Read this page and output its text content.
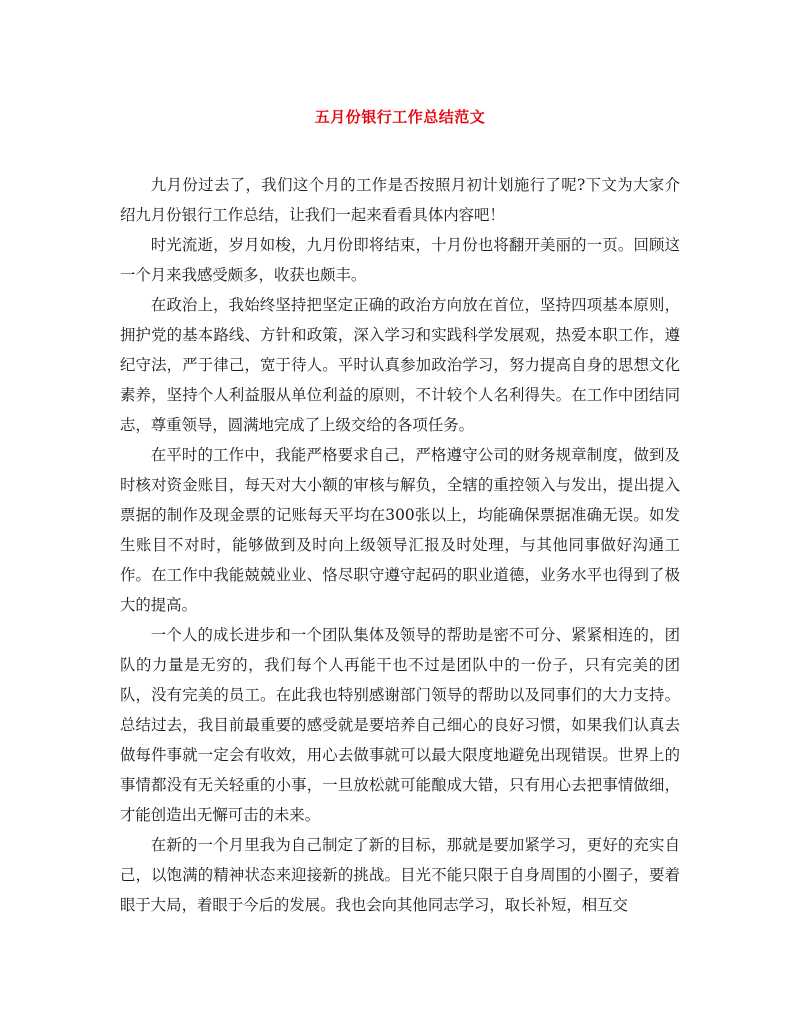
五月份银行工作总结范文

九月份过去了，我们这个月的工作是否按照月初计划施行了呢?下文为大家介绍九月份银行工作总结，让我们一起来看看具体内容吧！

时光流逝，岁月如梭，九月份即将结束，十月份也将翻开美丽的一页。回顾这一个月来我感受颇多，收获也颇丰。

在政治上，我始终坚持把坚定正确的政治方向放在首位，坚持四项基本原则，拥护党的基本路线、方针和政策，深入学习和实践科学发展观，热爱本职工作，遵纪守法，严于律己，宽于待人。平时认真参加政治学习，努力提高自身的思想文化素养，坚持个人利益服从单位利益的原则，不计较个人名利得失。在工作中团结同志，尊重领导，圆满地完成了上级交给的各项任务。

在平时的工作中，我能严格要求自己，严格遵守公司的财务规章制度，做到及时核对资金账目，每天对大小额的审核与解负，全辖的重控领入与发出，提出提入票据的制作及现金票的记账每天平均在300张以上，均能确保票据准确无误。如发生账目不对时，能够做到及时向上级领导汇报及时处理，与其他同事做好沟通工作。在工作中我能兢兢业业、恪尽职守遵守起码的职业道德，业务水平也得到了极大的提高。

一个人的成长进步和一个团队集体及领导的帮助是密不可分、紧紧相连的，团队的力量是无穷的，我们每个人再能干也不过是团队中的一份子，只有完美的团队，没有完美的员工。在此我也特别感谢部门领导的帮助以及同事们的大力支持。总结过去，我目前最重要的感受就是要培养自己细心的良好习惯，如果我们认真去做每件事就一定会有收效，用心去做事就可以最大限度地避免出现错误。世界上的事情都没有无关轻重的小事，一旦放松就可能酿成大错，只有用心去把事情做细，才能创造出无懈可击的未来。

在新的一个月里我为自己制定了新的目标，那就是要加紧学习，更好的充实自己，以饱满的精神状态来迎接新的挑战。目光不能只限于自身周围的小圈子，要着眼于大局，着眼于今后的发展。我也会向其他同志学习，取长补短，相互交
